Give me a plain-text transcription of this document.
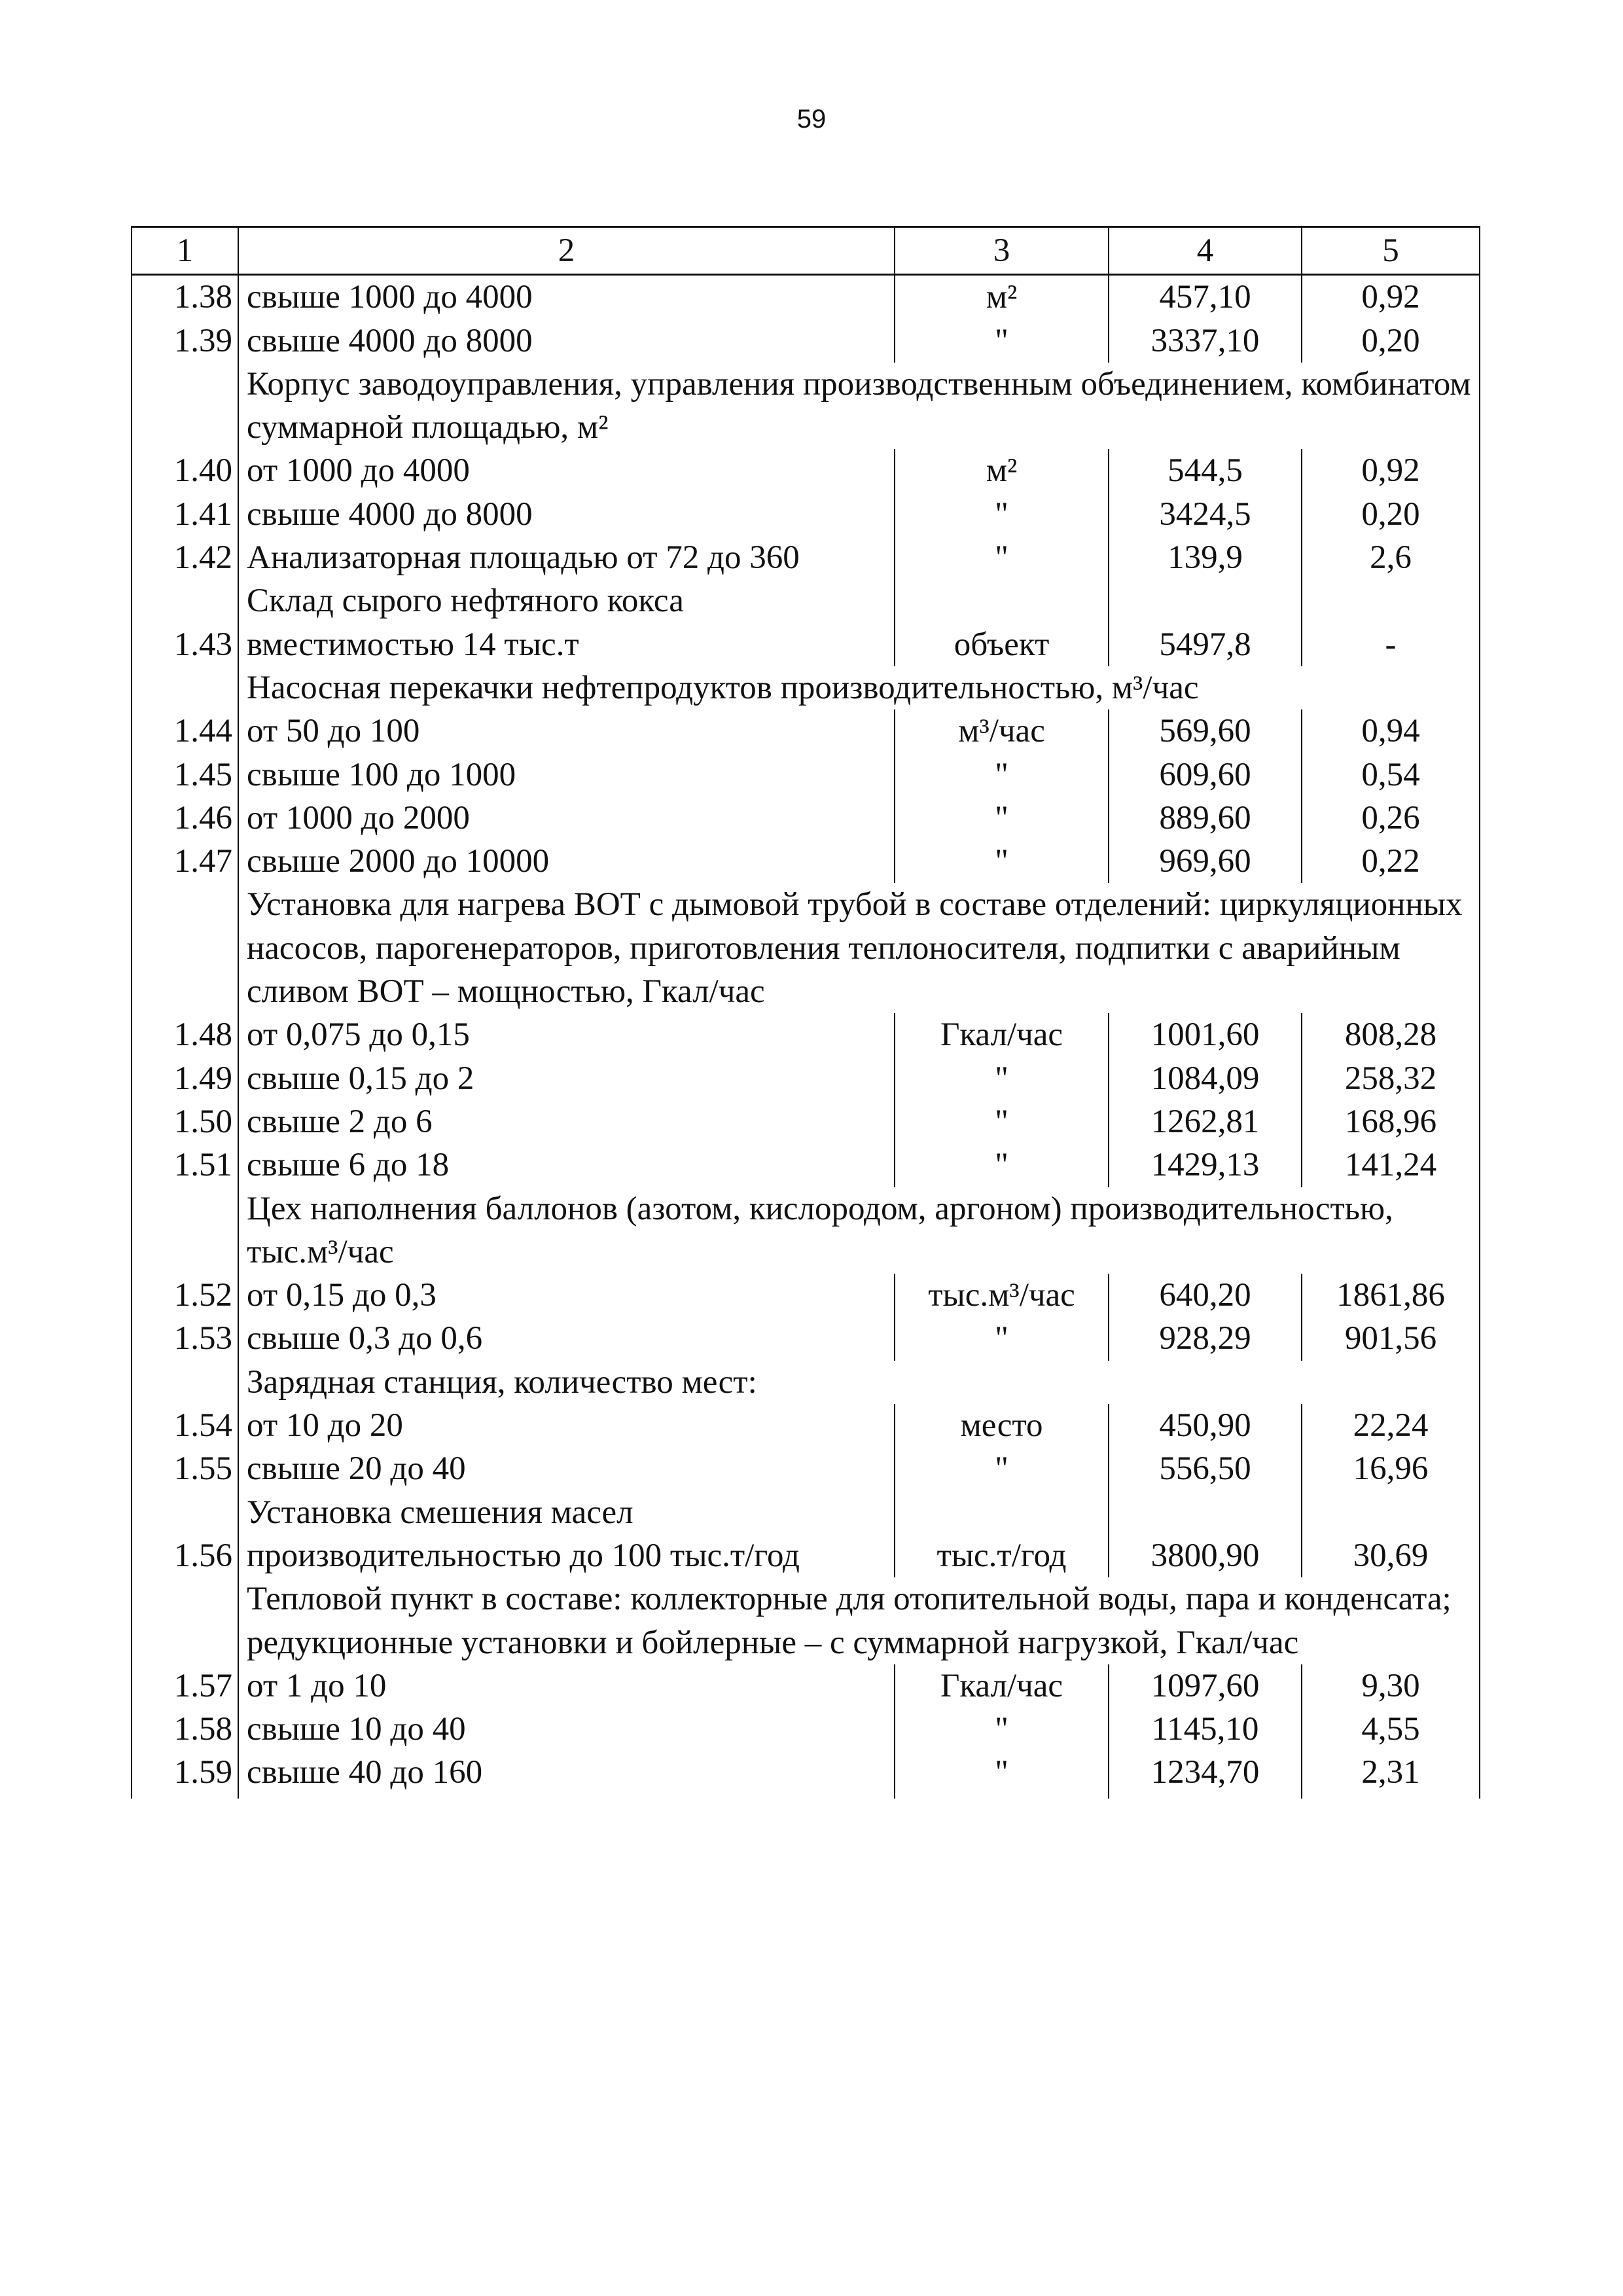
59
1	2	3	4	5
1.38	свыше 1000 до 4000	м²	457,10	0,92
1.39	свыше 4000 до 8000	"	3337,10	0,20
	Корпус заводоуправления, управления производственным объединением, комбинатом суммарной площадью, м²			
1.40	от 1000 до 4000	м²	544,5	0,92
1.41	свыше 4000 до 8000	"	3424,5	0,20
1.42	Анализаторная площадью от 72 до 360	"	139,9	2,6
1.43	Склад сырого нефтяного кокса вместимостью 14 тыс.т	объект	5497,8	-
	Насосная перекачки нефтепродуктов производительностью, м³/час			
1.44	от 50 до 100	м³/час	569,60	0,94
1.45	свыше 100 до 1000	"	609,60	0,54
1.46	от 1000 до 2000	"	889,60	0,26
1.47	свыше 2000 до 10000	"	969,60	0,22
	Установка для нагрева ВОТ с дымовой трубой в составе отделений: циркуляционных насосов, парогенераторов, приготовления теплоносителя, подпитки с аварийным сливом ВОТ – мощностью, Гкал/час			
1.48	от 0,075 до 0,15	Гкал/час	1001,60	808,28
1.49	свыше 0,15 до 2	"	1084,09	258,32
1.50	свыше 2 до 6	"	1262,81	168,96
1.51	свыше 6 до 18	"	1429,13	141,24
	Цех наполнения баллонов (азотом, кислородом, аргоном) производительностью, тыс.м³/час			
1.52	от 0,15 до 0,3	тыс.м³/час	640,20	1861,86
1.53	свыше 0,3 до 0,6	"	928,29	901,56
	Зарядная станция, количество мест:			
1.54	от 10 до 20	место	450,90	22,24
1.55	свыше 20 до 40	"	556,50	16,96
1.56	Установка смешения масел производительностью до 100 тыс.т/год	тыс.т/год	3800,90	30,69
	Тепловой пункт в составе: коллекторные для отопительной воды, пара и конденсата; редукционные установки и бойлерные – с суммарной нагрузкой, Гкал/час			
1.57	от 1 до 10	Гкал/час	1097,60	9,30
1.58	свыше 10 до 40	"	1145,10	4,55
1.59	свыше 40 до 160	"	1234,70	2,31
